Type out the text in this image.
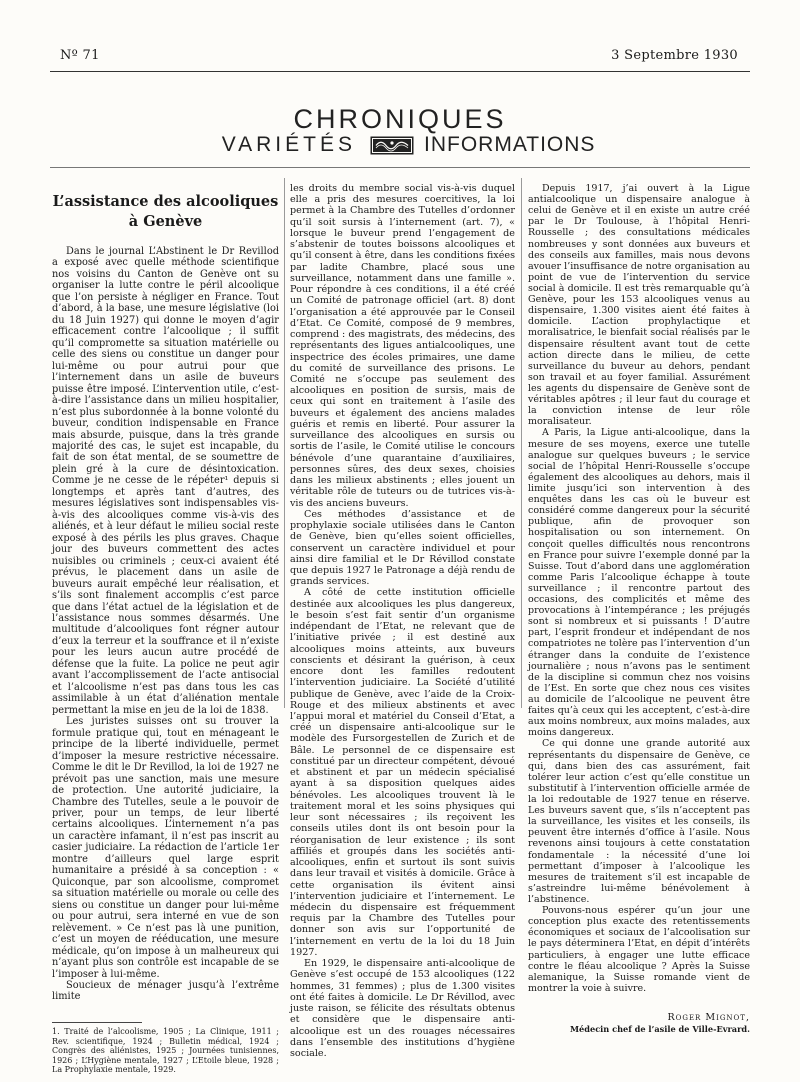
Nº 71	3 Septembre 1930
CHRONIQUES
VARIÉTÉS	INFORMATIONS
L’assistance des alcooliques
à Genève

Dans le journal L’Abstinent le Dr Revillod a exposé avec quelle méthode scientifique nos voisins du Canton de Genève ont su organiser la lutte contre le péril alcoolique que l’on persiste à négliger en France. Tout d’abord, à la base, une mesure législative (loi du 18 Juin 1927) qui donne le moyen d’agir efficacement contre l’alcoolique ; il suffit qu’il compromette sa situation matérielle ou celle des siens ou constitue un danger pour lui-même ou pour autrui pour que l’internement dans un asile de buveurs puisse être imposé. L’intervention utile, c’est-à-dire l’assistance dans un milieu hospitalier, n’est plus subordonnée à la bonne volonté du buveur, condition indispensable en France mais absurde, puisque, dans la très grande majorité des cas, le sujet est incapable, du fait de son état mental, de se soumettre de plein gré à la cure de désintoxication. Comme je ne cesse de le répéter¹ depuis si longtemps et après tant d’autres, des mesures législatives sont indispensables vis-à-vis des alcooliques comme vis-à-vis des aliénés, et à leur défaut le milieu social reste exposé à des périls les plus graves. Chaque jour des buveurs commettent des actes nuisibles ou criminels ; ceux-ci avaient été prévus, le placement dans un asile de buveurs aurait empêché leur réalisation, et s’ils sont finalement accomplis c’est parce que dans l’état actuel de la législation et de l’assistance nous sommes désarmés. Une multitude d’alcooliques font régner autour d’eux la terreur et la souffrance et il n’existe pour les leurs aucun autre procédé de défense que la fuite. La police ne peut agir avant l’accomplissement de l’acte antisocial et l’alcoolisme n’est pas dans tous les cas assimilable à un état d’aliénation mentale permettant la mise en jeu de la loi de 1838.

Les juristes suisses ont su trouver la formule pratique qui, tout en ménageant le principe de la liberté individuelle, permet d’imposer la mesure restrictive nécessaire. Comme le dit le Dr Revillod, la loi de 1927 ne prévoit pas une sanction, mais une mesure de protection. Une autorité judiciaire, la Chambre des Tutelles, seule a le pouvoir de priver, pour un temps, de leur liberté certains alcooliques. L’internement n’a pas un caractère infamant, il n’est pas inscrit au casier judiciaire. La rédaction de l’article 1er montre d’ailleurs quel large esprit humanitaire a présidé à sa conception : « Quiconque, par son alcoolisme, compromet sa situation matérielle ou morale ou celle des siens ou constitue un danger pour lui-même ou pour autrui, sera interné en vue de son relèvement. » Ce n’est pas là une punition, c’est un moyen de rééducation, une mesure médicale, qu’on impose à un malheureux qui n’ayant plus son contrôle est incapable de se l’imposer à lui-même.

Soucieux de ménager jusqu’à l’extrême limite

les droits du membre social vis-à-vis duquel elle a pris des mesures coercitives, la loi permet à la Chambre des Tutelles d’ordonner qu’il soit sursis à l’internement (art. 7), « lorsque le buveur prend l’engagement de s’abstenir de toutes boissons alcooliques et qu’il consent à être, dans les conditions fixées par ladite Chambre, placé sous une surveillance, notamment dans une famille ». Pour répondre à ces conditions, il a été créé un Comité de patronage officiel (art. 8) dont l’organisation a été approuvée par le Conseil d’Etat. Ce Comité, composé de 9 membres, comprend : des magistrats, des médecins, des représentants des ligues antialcooliques, une inspectrice des écoles primaires, une dame du comité de surveillance des prisons. Le Comité ne s’occupe pas seulement des alcooliques en position de sursis, mais de ceux qui sont en traitement à l’asile des buveurs et également des anciens malades guéris et remis en liberté. Pour assurer la surveillance des alcooliques en sursis ou sortis de l’asile, le Comité utilise le concours bénévole d’une quarantaine d’auxiliaires, personnes sûres, des deux sexes, choisies dans les milieux abstinents ; elles jouent un véritable rôle de tuteurs ou de tutrices vis-à-vis des anciens buveurs.

Ces méthodes d’assistance et de prophylaxie sociale utilisées dans le Canton de Genève, bien qu’elles soient officielles, conservent un caractère individuel et pour ainsi dire familial et le Dr Révillod constate que depuis 1927 le Patronage a déjà rendu de grands services.

A côté de cette institution officielle destinée aux alcooliques les plus dangereux, le besoin s’est fait sentir d’un organisme indépendant de l’Etat, ne relevant que de l’initiative privée ; il est destiné aux alcooliques moins atteints, aux buveurs conscients et désirant la guérison, à ceux encore dont les familles redoutent l’intervention judiciaire. La Société d’utilité publique de Genève, avec l’aide de la Croix-Rouge et des milieux abstinents et avec l’appui moral et matériel du Conseil d’Etat, a créé un dispensaire anti-alcoolique sur le modèle des Fursorgestellen de Zurich et de Bâle. Le personnel de ce dispensaire est constitué par un directeur compétent, dévoué et abstinent et par un médecin spécialisé ayant à sa disposition quelques aides bénévoles. Les alcooliques trouvent là le traitement moral et les soins physiques qui leur sont nécessaires ; ils reçoivent les conseils utiles dont ils ont besoin pour la réorganisation de leur existence ; ils sont affiliés et groupés dans les sociétés anti-alcooliques, enfin et surtout ils sont suivis dans leur travail et visités à domicile. Grâce à cette organisation ils évitent ainsi l’intervention judiciaire et l’internement. Le médecin du dispensaire est fréquemment requis par la Chambre des Tutelles pour donner son avis sur l’opportunité de l’internement en vertu de la loi du 18 Juin 1927.

En 1929, le dispensaire anti-alcoolique de Genève s’est occupé de 153 alcooliques (122 hommes, 31 femmes) ; plus de 1.300 visites ont été faites à domicile. Le Dr Révillod, avec juste raison, se félicite des résultats obtenus et considère que le dispensaire anti-alcoolique est un des rouages nécessaires dans l’ensemble des institutions d’hygiène sociale.

Depuis 1917, j’ai ouvert à la Ligue antialcoolique un dispensaire analogue à celui de Genève et il en existe un autre créé par le Dr Toulouse, à l’hôpital Henri-Rousselle ; des consultations médicales nombreuses y sont données aux buveurs et des conseils aux familles, mais nous devons avouer l’insuffisance de notre organisation au point de vue de l’intervention du service social à domicile. Il est très remarquable qu’à Genève, pour les 153 alcooliques venus au dispensaire, 1.300 visites aient été faites à domicile. L’action prophylactique et moralisatrice, le bienfait social réalisés par le dispensaire résultent avant tout de cette action directe dans le milieu, de cette surveillance du buveur au dehors, pendant son travail et au foyer familial. Assurément les agents du dispensaire de Genève sont de véritables apôtres ; il leur faut du courage et la conviction intense de leur rôle moralisateur.

A Paris, la Ligue anti-alcoolique, dans la mesure de ses moyens, exerce une tutelle analogue sur quelques buveurs ; le service social de l’hôpital Henri-Rousselle s’occupe également des alcooliques au dehors, mais il limite jusqu’ici son intervention à des enquêtes dans les cas où le buveur est considéré comme dangereux pour la sécurité publique, afin de provoquer son hospitalisation ou son internement. On conçoit quelles difficultés nous rencontrons en France pour suivre l’exemple donné par la Suisse. Tout d’abord dans une agglomération comme Paris l’alcoolique échappe à toute surveillance ; il rencontre partout des occasions, des complicités et même des provocations à l’intempérance ; les préjugés sont si nombreux et si puissants ! D’autre part, l’esprit frondeur et indépendant de nos compatriotes ne tolère pas l’intervention d’un étranger dans la conduite de l’existence journalière ; nous n’avons pas le sentiment de la discipline si commun chez nos voisins de l’Est. En sorte que chez nous ces visites au domicile de l’alcoolique ne peuvent être faites qu’à ceux qui les acceptent, c’est-à-dire aux moins nombreux, aux moins malades, aux moins dangereux.

Ce qui donne une grande autorité aux représentants du dispensaire de Genève, ce qui, dans bien des cas assurément, fait tolérer leur action c’est qu’elle constitue un substitutif à l’intervention officielle armée de la loi redoutable de 1927 tenue en réserve. Les buveurs savent que, s’ils n’acceptent pas la surveillance, les visites et les conseils, ils peuvent être internés d’office à l’asile. Nous revenons ainsi toujours à cette constatation fondamentale : la nécessité d’une loi permettant d’imposer à l’alcoolique les mesures de traitement s’il est incapable de s’astreindre lui-même bénévolement à l’abstinence.

Pouvons-nous espérer qu’un jour une conception plus exacte des retentissements économiques et sociaux de l’alcoolisation sur le pays déterminera l’Etat, en dépit d’intérêts particuliers, à engager une lutte efficace contre le fléau alcoolique ? Après la Suisse alemanique, la Suisse romande vient de montrer la voie à suivre.

1. Traité de l’alcoolisme, 1905 ; La Clinique, 1911 ; Rev. scientifique, 1924 ; Bulletin médical, 1924 ; Congrès des aliénistes, 1925 ; Journées tunisiennes, 1926 ; L’Hygiène mentale, 1927 ; L’Etoile bleue, 1928 ; La Prophylaxie mentale, 1929.
Roger Mignot,
Médecin chef de l’asile de Ville-Evrard.
